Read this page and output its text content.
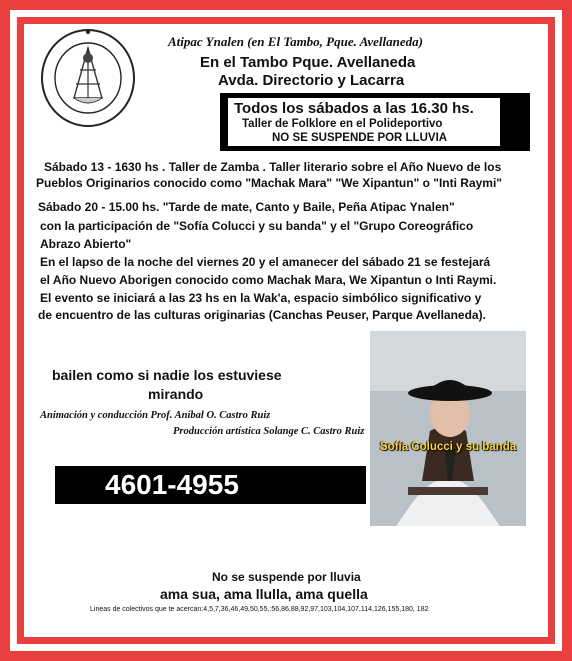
Atipac Ynalen (en El Tambo, Pque. Avellaneda)
En el Tambo Pque. Avellaneda
Avda. Directorio y Lacarra
Todos los sábados a las 16.30 hs.
Taller de Folklore en el Polideportivo
NO SE SUSPENDE POR LLUVIA
Sábado 13 - 1630 hs . Taller de Zamba . Taller literario sobre el Año Nuevo de los
Pueblos Originarios conocido como "Machak Mara" "We Xipantun" o "Inti Raymi"
Sábado 20 - 15.00 hs. "Tarde de mate, Canto y Baile, Peña Atipac Ynalen"
con la participación de "Sofía Colucci y su banda" y el "Grupo Coreográfico
Abrazo Abierto"
En el lapso de la noche del viernes 20 y el amanecer del sábado 21 se festejará
el Año Nuevo Aborigen conocido como Machak Mara, We Xipantun o Inti Raymi.
El evento se iniciará a las 23 hs en la Wak'a, espacio simbólico significativo y
de encuentro de las culturas originarias (Canchas Peuser, Parque Avellaneda).
Sofía Colucci y su banda
bailen como si nadie los estuviese
mirando
Animación y conducción Prof. Aníbal O. Castro Ruiz
Producción artística Solange C. Castro Ruiz
4601-4955
No se suspende por lluvia
ama sua, ama llulla, ama quella
Lineas de colectivos que te acercan:4,5,7,36,46,49,50,55,:56,86,88,92,97,103,104,107,114,126,155,180, 182
